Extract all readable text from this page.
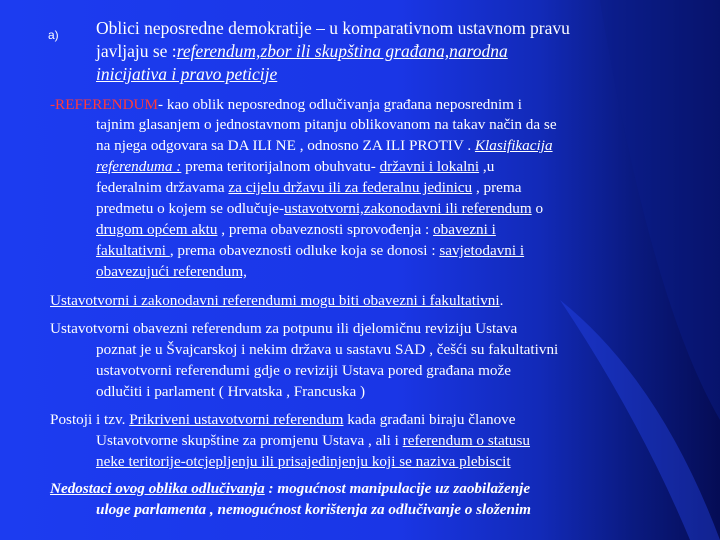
a) Oblici neposredne demokratije – u komparativnom ustavnom pravu
javljaju se :referendum,zbor ili skupština građana,narodna
inicijativa i pravo peticije
-REFERENDUM- kao oblik neposrednog odlučivanja građana neposrednim i
tajnim glasanjem o jednostavnom pitanju oblikovanom na takav način da se
na njega odgovara sa DA ILI NE , odnosno ZA ILI PROTIV . Klasifikacija
referenduma : prema teritorijalnom obuhvatu- državni i lokalni ,u
federalnim državama za cijelu državu ili za federalnu jedinicu , prema
predmetu o kojem se odlučuje-ustavotvorni,zakonodavni ili referendum o
drugom općem aktu , prema obaveznosti sprovođenja : obavezni i
fakultativni , prema obaveznosti odluke koja se donosi : savjetodavni i
obavezujući referendum,
Ustavotvorni i zakonodavni referendumi mogu biti obavezni i fakultativni.
Ustavotvorni obavezni referendum za potpunu ili djelomičnu reviziju Ustava
poznat je u Švajcarskoj i nekim država u sastavu SAD , češći su fakultativni
ustavotvorni referendumi gdje o reviziji Ustava pored građana može
odlučiti i parlament ( Hrvatska , Francuska )
Postoji i tzv. Prikriveni ustavotvorni referendum kada građani biraju članove
Ustavotvorne skupštine za promjenu Ustava , ali i referendum o statusu
neke teritorije-otcjepljenju ili prisajedinjenju koji se naziva plebiscit
Nedostaci ovog oblika odlučivanja : mogućnost manipulacije uz zaobilaženje
uloge parlamenta , nemogućnost korištenja za odlučivanje o složenim
